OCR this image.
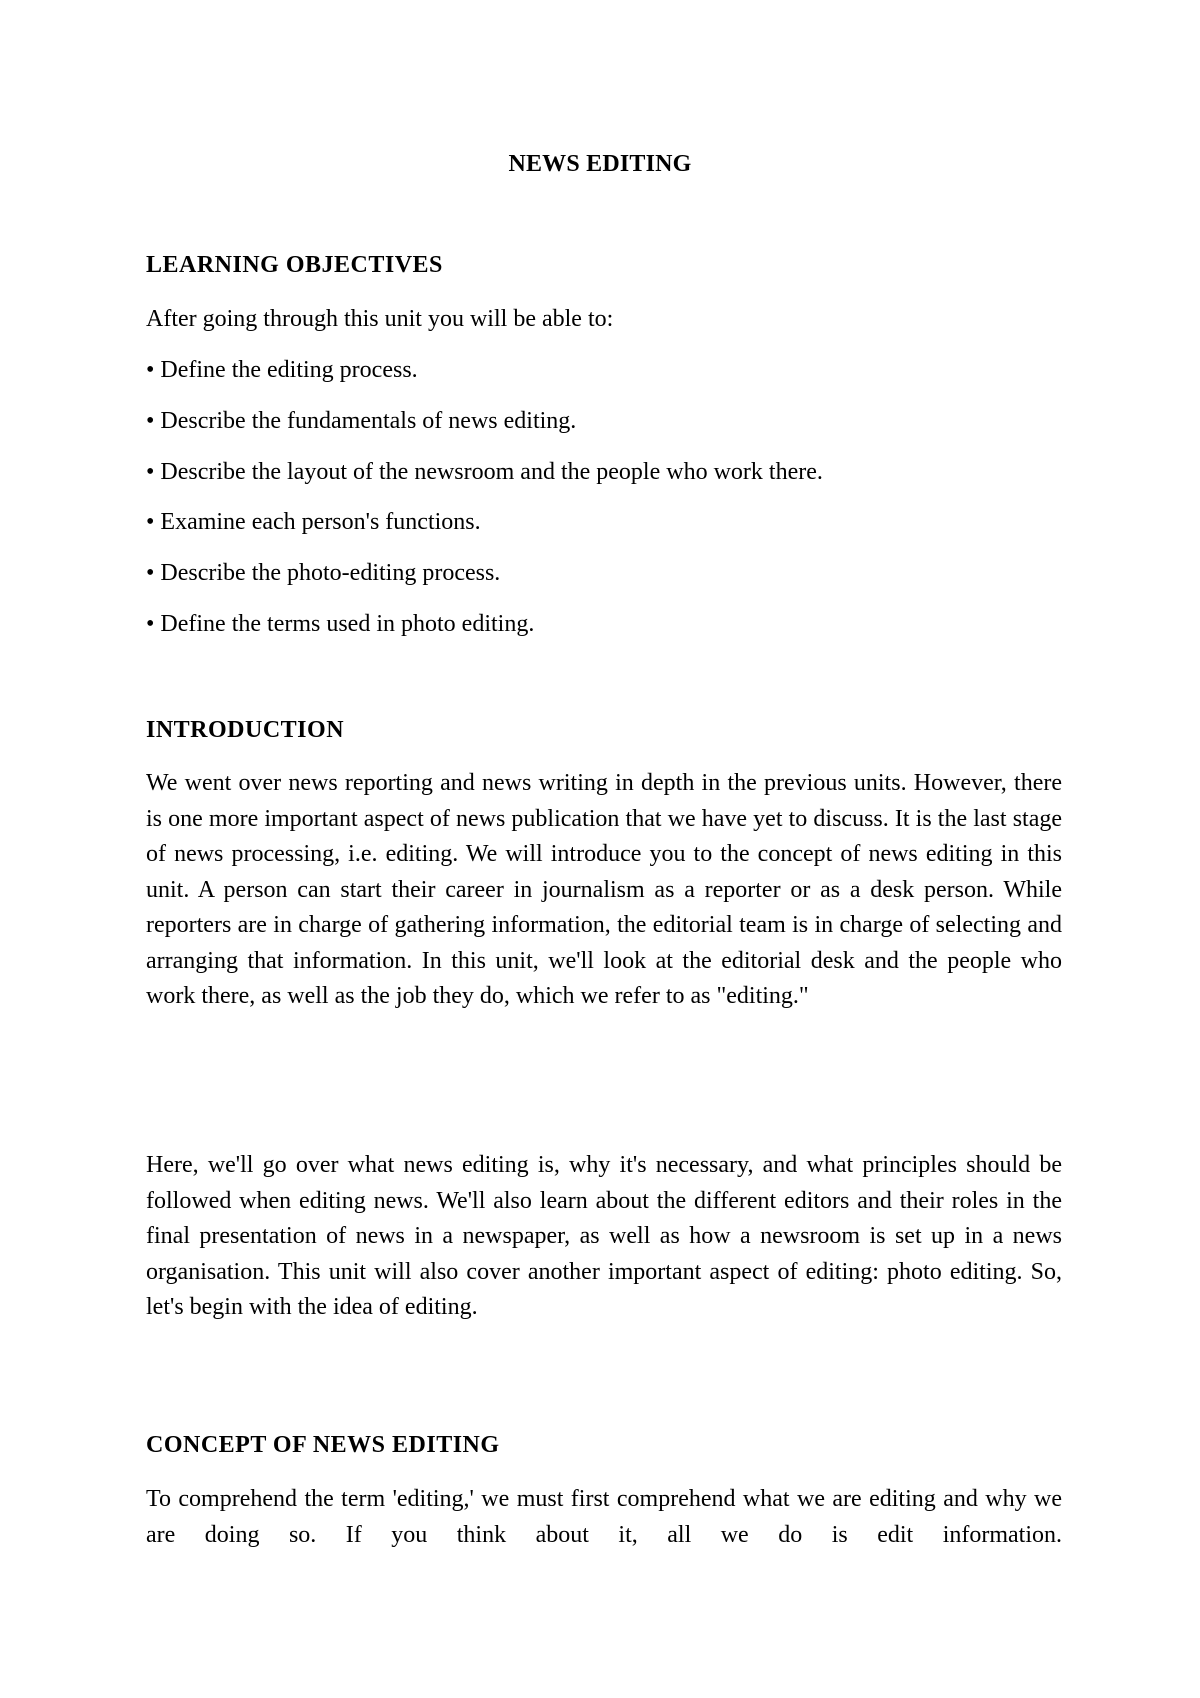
NEWS EDITING
LEARNING OBJECTIVES
After going through this unit you will be able to:
• Define the editing process.
• Describe the fundamentals of news editing.
• Describe the layout of the newsroom and the people who work there.
• Examine each person's functions.
• Describe the photo-editing process.
• Define the terms used in photo editing.
INTRODUCTION
We went over news reporting and news writing in depth in the previous units. However, there is one more important aspect of news publication that we have yet to discuss. It is the last stage of news processing, i.e. editing. We will introduce you to the concept of news editing in this unit. A person can start their career in journalism as a reporter or as a desk person. While reporters are in charge of gathering information, the editorial team is in charge of selecting and arranging that information. In this unit, we'll look at the editorial desk and the people who work there, as well as the job they do, which we refer to as "editing."
Here, we'll go over what news editing is, why it's necessary, and what principles should be followed when editing news. We'll also learn about the different editors and their roles in the final presentation of news in a newspaper, as well as how a newsroom is set up in a news organisation. This unit will also cover another important aspect of editing: photo editing. So, let's begin with the idea of editing.
CONCEPT OF NEWS EDITING
To comprehend the term 'editing,' we must first comprehend what we are editing and why we are doing so. If you think about it, all we do is edit information.
